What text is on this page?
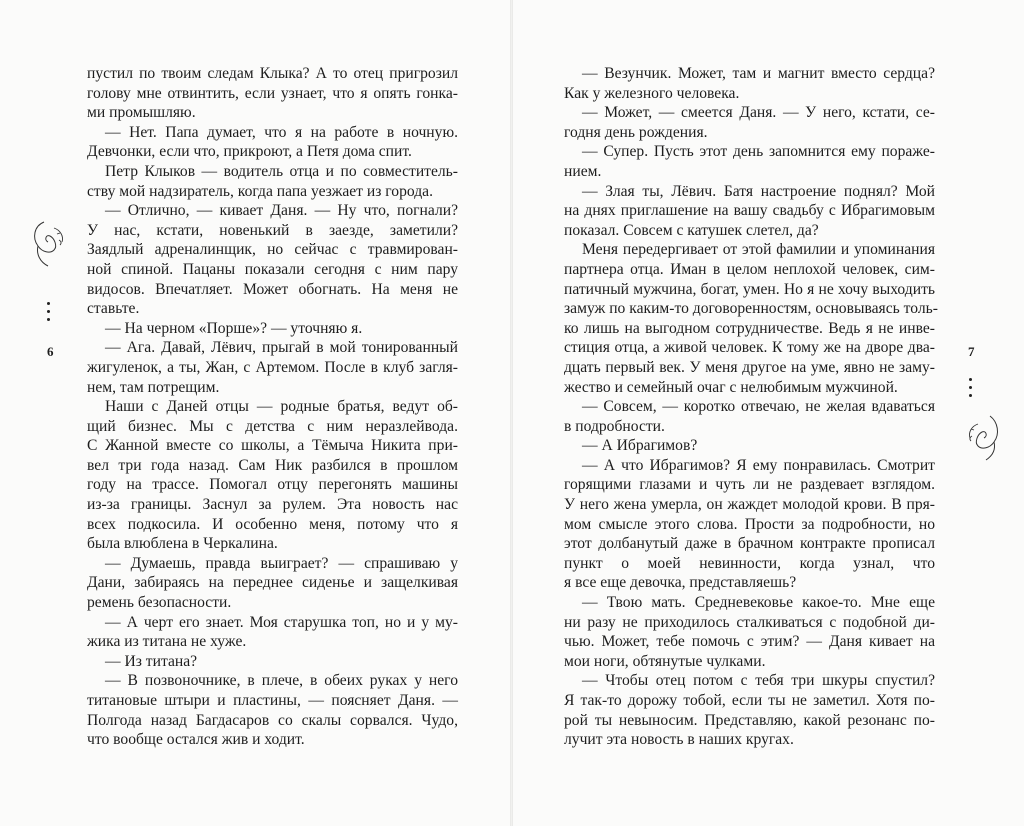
6
пустил по твоим следам Клыка? А то отец пригрозил
голову мне отвинтить, если узнает, что я опять гонка-
ми промышляю.
— Нет. Папа думает, что я на работе в ночную.
Девчонки, если что, прикроют, а Петя дома спит.
Петр Клыков — водитель отца и по совместитель-
ству мой надзиратель, когда папа уезжает из города.
— Отлично, — кивает Даня. — Ну что, погнали?
У нас, кстати, новенький в заезде, заметили?
Заядлый адреналинщик, но сейчас с травмирован-
ной спиной. Пацаны показали сегодня с ним пару
видосов. Впечатляет. Может обогнать. На меня не
ставьте.
— На черном «Порше»? — уточняю я.
— Ага. Давай, Лёвич, прыгай в мой тонированный
жигуленок, а ты, Жан, с Артемом. После в клуб загля-
нем, там потрещим.
Наши с Даней отцы — родные братья, ведут об-
щий бизнес. Мы с детства с ним неразлейвода.
С Жанной вместе со школы, а Тёмыча Никита при-
вел три года назад. Сам Ник разбился в прошлом
году на трассе. Помогал отцу перегонять машины
из-за границы. Заснул за рулем. Эта новость нас
всех подкосила. И особенно меня, потому что я
была влюблена в Черкалина.
— Думаешь, правда выиграет? — спрашиваю у
Дани, забираясь на переднее сиденье и защелкивая
ремень безопасности.
— А черт его знает. Моя старушка топ, но и у му-
жика из титана не хуже.
— Из титана?
— В позвоночнике, в плече, в обеих руках у него
титановые штыри и пластины, — поясняет Даня. —
Полгода назад Багдасаров со скалы сорвался. Чудо,
что вообще остался жив и ходит.
7
— Везунчик. Может, там и магнит вместо сердца?
Как у железного человека.
— Может, — смеется Даня. — У него, кстати, се-
годня день рождения.
— Супер. Пусть этот день запомнится ему пораже-
нием.
— Злая ты, Лёвич. Батя настроение поднял? Мой
на днях приглашение на вашу свадьбу с Ибрагимовым
показал. Совсем с катушек слетел, да?
Меня передергивает от этой фамилии и упоминания
партнера отца. Иман в целом неплохой человек, сим-
патичный мужчина, богат, умен. Но я не хочу выходить
замуж по каким-то договоренностям, основываясь толь-
ко лишь на выгодном сотрудничестве. Ведь я не инве-
стиция отца, а живой человек. К тому же на дворе два-
дцать первый век. У меня другое на уме, явно не заму-
жество и семейный очаг с нелюбимым мужчиной.
— Совсем, — коротко отвечаю, не желая вдаваться
в подробности.
— А Ибрагимов?
— А что Ибрагимов? Я ему понравилась. Смотрит
горящими глазами и чуть ли не раздевает взглядом.
У него жена умерла, он жаждет молодой крови. В пря-
мом смысле этого слова. Прости за подробности, но
этот долбанутый даже в брачном контракте прописал
пункт о моей невинности, когда узнал, что
я все еще девочка, представляешь?
— Твою мать. Средневековье какое-то. Мне еще
ни разу не приходилось сталкиваться с подобной ди-
чью. Может, тебе помочь с этим? — Даня кивает на
мои ноги, обтянутые чулками.
— Чтобы отец потом с тебя три шкуры спустил?
Я так-то дорожу тобой, если ты не заметил. Хотя по-
рой ты невыносим. Представляю, какой резонанс по-
лучит эта новость в наших кругах.
